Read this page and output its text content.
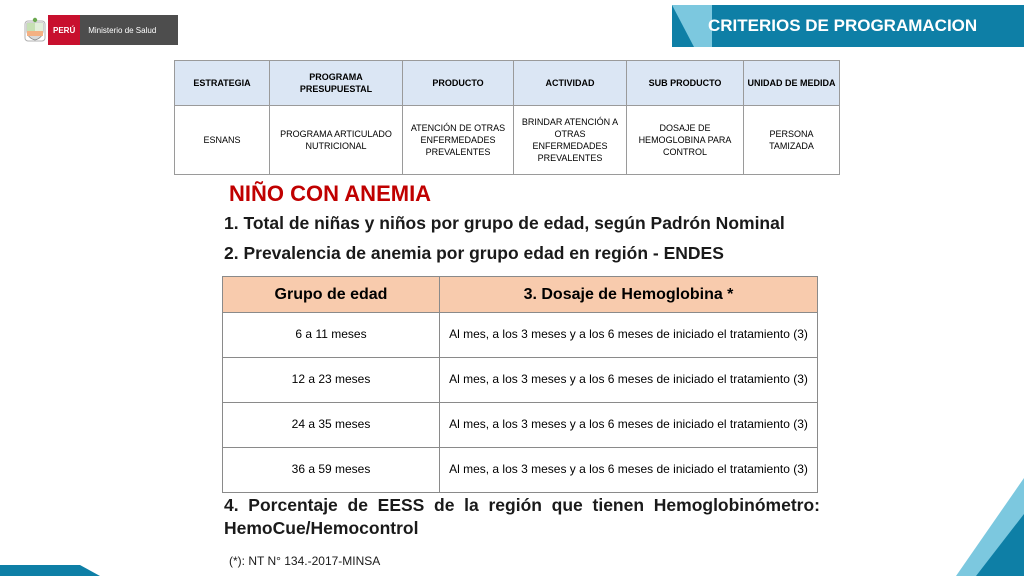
PERÚ	Ministerio de Salud	CRITERIOS DE PROGRAMACION
ESTRATEGIA	PROGRAMA PRESUPUESTAL	PRODUCTO	ACTIVIDAD	SUB PRODUCTO	UNIDAD DE MEDIDA
ESNANS	PROGRAMA ARTICULADO NUTRICIONAL	ATENCIÓN DE OTRAS ENFERMEDADES PREVALENTES	BRINDAR ATENCIÓN A OTRAS ENFERMEDADES PREVALENTES	DOSAJE DE HEMOGLOBINA PARA CONTROL	PERSONA TAMIZADA
NIÑO CON ANEMIA
1. Total de niñas y niños por grupo de edad, según Padrón Nominal
2. Prevalencia de anemia por grupo edad en región - ENDES
Grupo de edad	3. Dosaje de Hemoglobina *
6 a 11 meses	Al mes, a los 3 meses y a los 6 meses de iniciado el tratamiento (3)
12 a 23 meses	Al mes, a los 3 meses y a los 6 meses de iniciado el tratamiento (3)
24 a 35 meses	Al mes, a los 3 meses y a los 6 meses de iniciado el tratamiento (3)
36 a 59 meses	Al mes, a los 3 meses y a los 6 meses de iniciado el tratamiento (3)
4. Porcentaje de EESS de la región que tienen Hemoglobinómetro: HemoCue/Hemocontrol
(*): NT N° 134.-2017-MINSA
